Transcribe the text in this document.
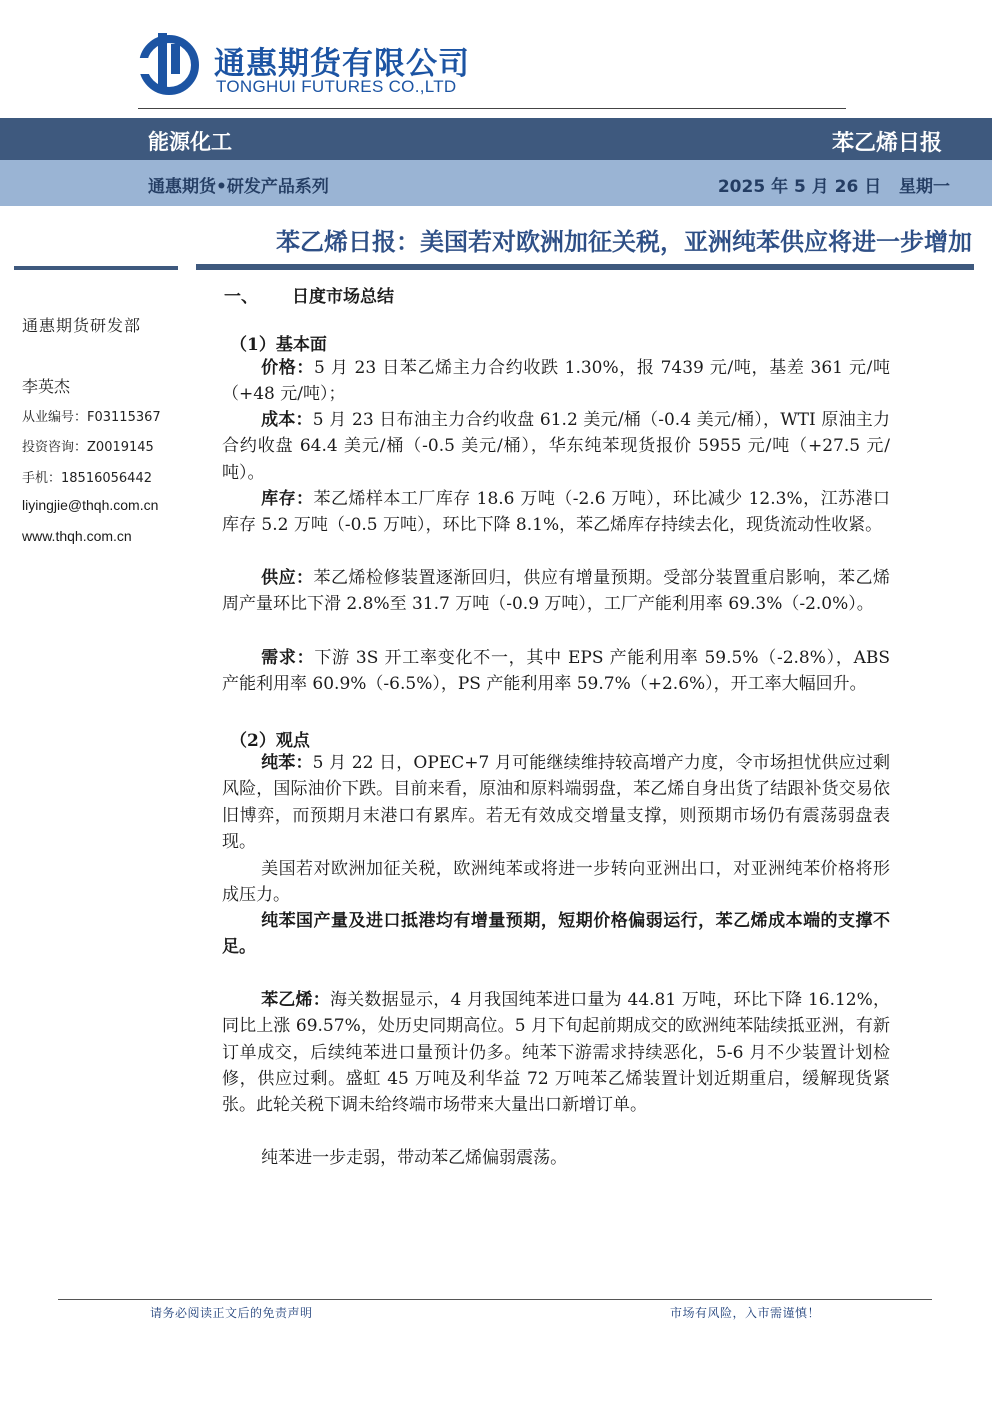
通惠期货有限公司
TONGHUI FUTURES CO.,LTD
能源化工	苯乙烯日报
通惠期货•研发产品系列	2025 年 5 月 26 日   星期一
苯乙烯日报：美国若对欧洲加征关税，亚洲纯苯供应将进一步增加
通惠期货研发部
李英杰
从业编号：F03115367
投资咨询：Z0019145
手机：18516056442
liyingjie@thqh.com.cn
www.thqh.com.cn
一、 日度市场总结
（1）基本面
价格：5 月 23 日苯乙烯主力合约收跌 1.30%，报 7439 元/吨，基差 361 元/吨（+48 元/吨）；
成本：5 月 23 日布油主力合约收盘 61.2 美元/桶（-0.4 美元/桶），WTI 原油主力合约收盘 64.4 美元/桶（-0.5 美元/桶），华东纯苯现货报价 5955 元/吨（+27.5 元/吨）。
库存：苯乙烯样本工厂库存 18.6 万吨（-2.6 万吨），环比减少 12.3%，江苏港口库存 5.2 万吨（-0.5 万吨），环比下降 8.1%，苯乙烯库存持续去化，现货流动性收紧。
供应：苯乙烯检修装置逐渐回归，供应有增量预期。受部分装置重启影响，苯乙烯周产量环比下滑 2.8%至 31.7 万吨（-0.9 万吨），工厂产能利用率 69.3%（-2.0%）。
需求：下游 3S 开工率变化不一，其中 EPS 产能利用率 59.5%（-2.8%），ABS 产能利用率 60.9%（-6.5%），PS 产能利用率 59.7%（+2.6%），开工率大幅回升。
（2）观点
纯苯：5 月 22 日，OPEC+7 月可能继续维持较高增产力度，令市场担忧供应过剩风险，国际油价下跌。目前来看，原油和原料端弱盘，苯乙烯自身出货了结跟补货交易依旧博弈，而预期月末港口有累库。若无有效成交增量支撑，则预期市场仍有震荡弱盘表现。
美国若对欧洲加征关税，欧洲纯苯或将进一步转向亚洲出口，对亚洲纯苯价格将形成压力。
纯苯国产量及进口抵港均有增量预期，短期价格偏弱运行，苯乙烯成本端的支撑不足。
苯乙烯：海关数据显示，4 月我国纯苯进口量为 44.81 万吨，环比下降 16.12%，同比上涨 69.57%，处历史同期高位。5 月下旬起前期成交的欧洲纯苯陆续抵亚洲，有新订单成交，后续纯苯进口量预计仍多。纯苯下游需求持续恶化，5-6 月不少装置计划检修，供应过剩。盛虹 45 万吨及利华益 72 万吨苯乙烯装置计划近期重启，缓解现货紧张。此轮关税下调未给终端市场带来大量出口新增订单。
纯苯进一步走弱，带动苯乙烯偏弱震荡。
请务必阅读正文后的免责声明	市场有风险，入市需谨慎！
